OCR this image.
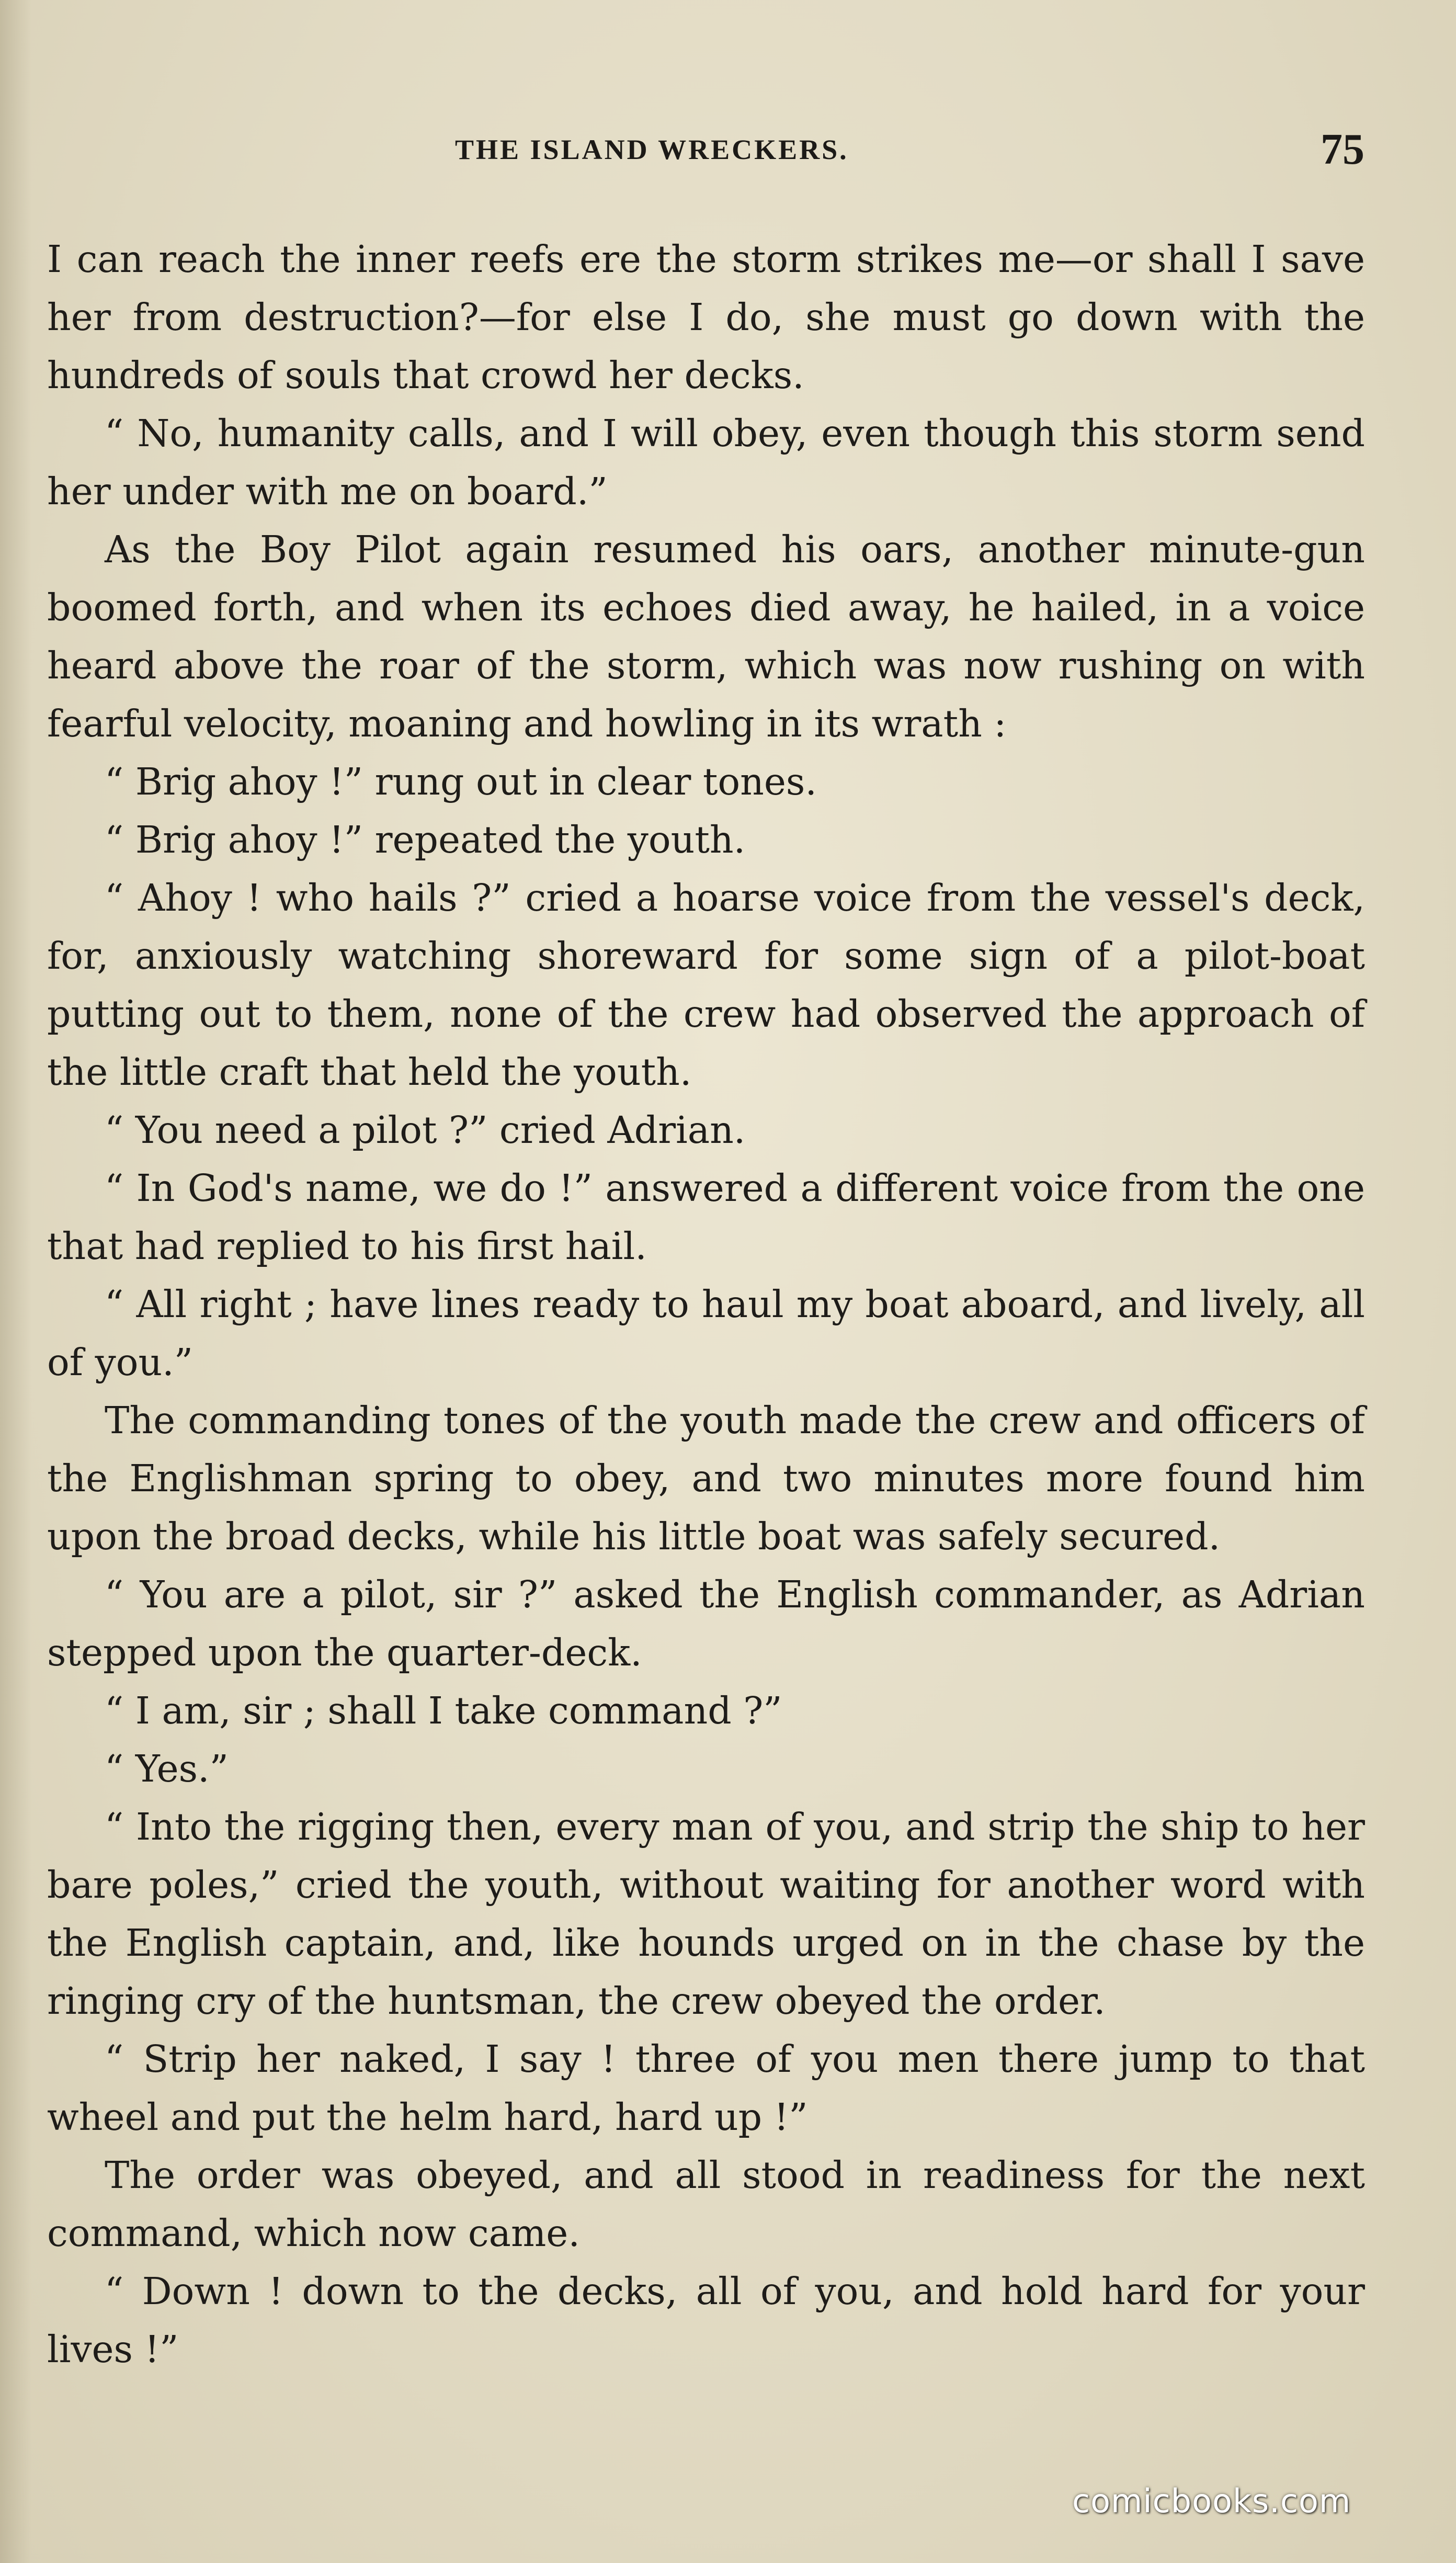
THE ISLAND WRECKERS.	75

I can reach the inner reefs ere the storm strikes me—or shall I save her from destruction?—for else I do, she must go down with the hundreds of souls that crowd her decks.

“ No, humanity calls, and I will obey, even though this storm send her under with me on board.”

As the Boy Pilot again resumed his oars, another minute-gun boomed forth, and when its echoes died away, he hailed, in a voice heard above the roar of the storm, which was now rushing on with fearful velocity, moaning and howling in its wrath :

“ Brig ahoy !” rung out in clear tones.

“ Brig ahoy !” repeated the youth.

“ Ahoy ! who hails ?” cried a hoarse voice from the vessel's deck, for, anxiously watching shoreward for some sign of a pilot-boat putting out to them, none of the crew had observed the approach of the little craft that held the youth.

“ You need a pilot ?” cried Adrian.

“ In God's name, we do !” answered a different voice from the one that had replied to his first hail.

“ All right ; have lines ready to haul my boat aboard, and lively, all of you.”

The commanding tones of the youth made the crew and officers of the Englishman spring to obey, and two minutes more found him upon the broad decks, while his little boat was safely secured.

“ You are a pilot, sir ?” asked the English commander, as Adrian stepped upon the quarter-deck.

“ I am, sir ; shall I take command ?”

“ Yes.”

“ Into the rigging then, every man of you, and strip the ship to her bare poles,” cried the youth, without waiting for another word with the English captain, and, like hounds urged on in the chase by the ringing cry of the huntsman, the crew obeyed the order.

“ Strip her naked, I say ! three of you men there jump to that wheel and put the helm hard, hard up !”

The order was obeyed, and all stood in readiness for the next command, which now came.

“ Down ! down to the decks, all of you, and hold hard for your lives !”

comicbooks.com
